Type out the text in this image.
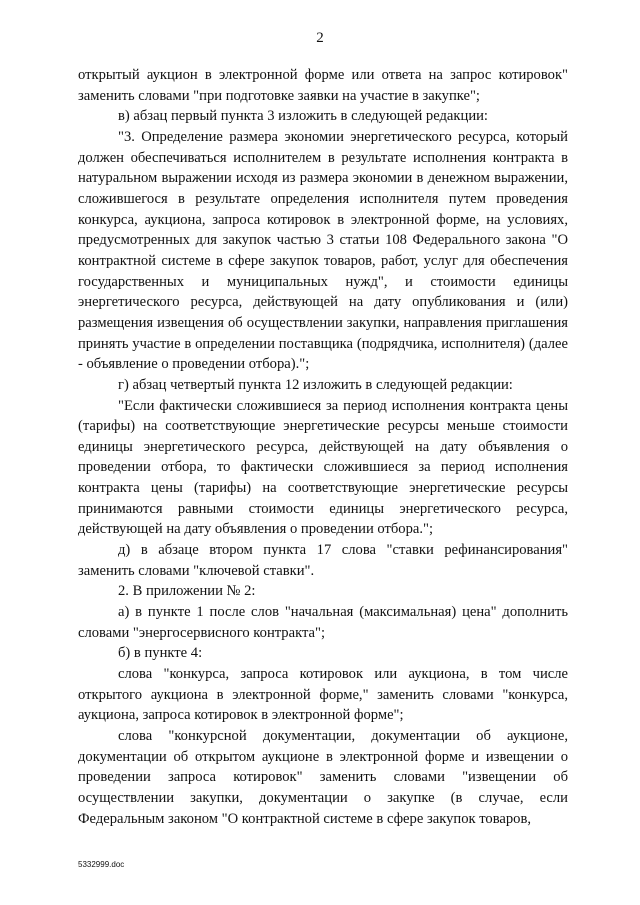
2

открытый аукцион в электронной форме или ответа на запрос котировок" заменить словами "при подготовке заявки на участие в закупке";

в) абзац первый пункта 3 изложить в следующей редакции:

"3. Определение размера экономии энергетического ресурса, который должен обеспечиваться исполнителем в результате исполнения контракта в натуральном выражении исходя из размера экономии в денежном выражении, сложившегося в результате определения исполнителя путем проведения конкурса, аукциона, запроса котировок в электронной форме, на условиях, предусмотренных для закупок частью 3 статьи 108 Федерального закона "О контрактной системе в сфере закупок товаров, работ, услуг для обеспечения государственных и муниципальных нужд", и стоимости единицы энергетического ресурса, действующей на дату опубликования и (или) размещения извещения об осуществлении закупки, направления приглашения принять участие в определении поставщика (подрядчика, исполнителя) (далее - объявление о проведении отбора).";

г) абзац четвертый пункта 12 изложить в следующей редакции:

"Если фактически сложившиеся за период исполнения контракта цены (тарифы) на соответствующие энергетические ресурсы меньше стоимости единицы энергетического ресурса, действующей на дату объявления о проведении отбора, то фактически сложившиеся за период исполнения контракта цены (тарифы) на соответствующие энергетические ресурсы принимаются равными стоимости единицы энергетического ресурса, действующей на дату объявления о проведении отбора.";

д) в абзаце втором пункта 17 слова "ставки рефинансирования" заменить словами "ключевой ставки".

2. В приложении № 2:

а) в пункте 1 после слов "начальная (максимальная) цена" дополнить словами "энергосервисного контракта";

б) в пункте 4:

слова "конкурса, запроса котировок или аукциона, в том числе открытого аукциона в электронной форме," заменить словами "конкурса, аукциона, запроса котировок в электронной форме";

слова "конкурсной документации, документации об аукционе, документации об открытом аукционе в электронной форме и извещении о проведении запроса котировок" заменить словами "извещении об осуществлении закупки, документации о закупке (в случае, если Федеральным законом "О контрактной системе в сфере закупок товаров,

5332999.doc
